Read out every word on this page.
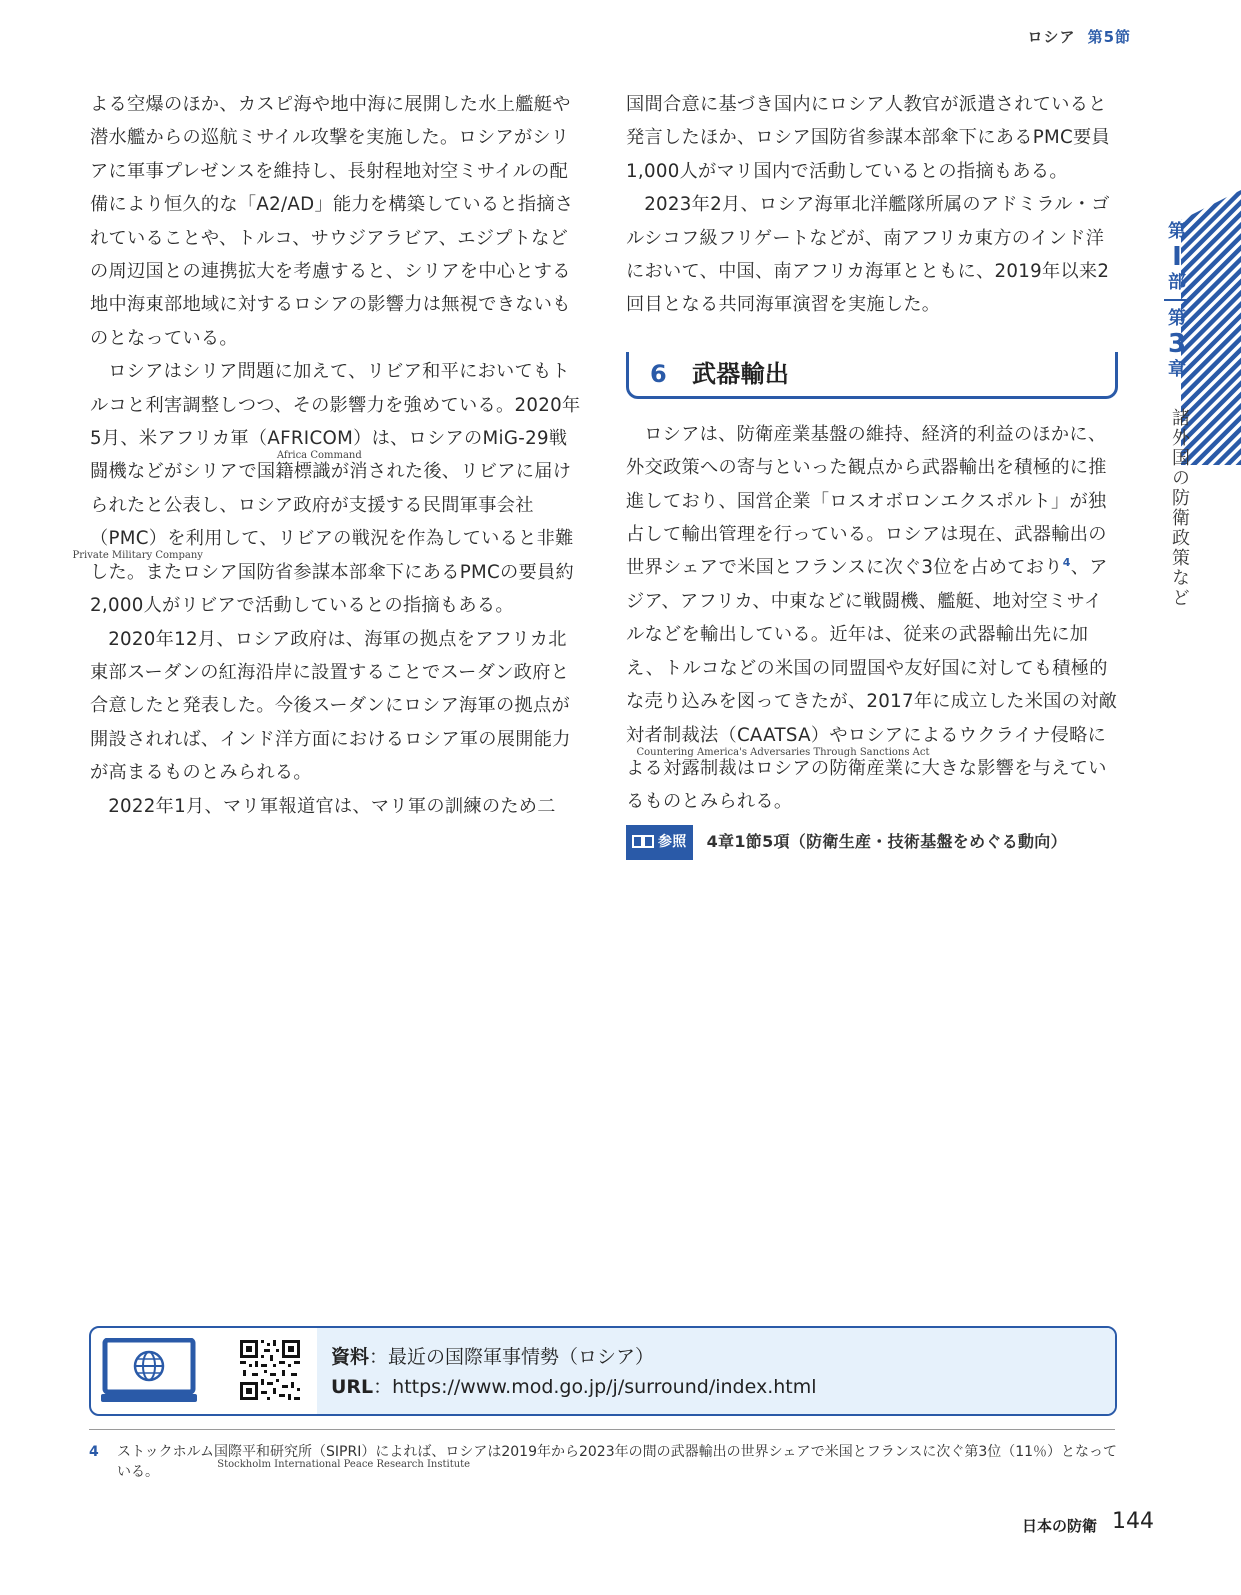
ロシア 第5節

よる空爆のほか、カスピ海や地中海に展開した水上艦艇や潜水艦からの巡航ミサイル攻撃を実施した。ロシアがシリアに軍事プレゼンスを維持し、長射程地対空ミサイルの配備により恒久的な「A2/AD」能力を構築していると指摘されていることや、トルコ、サウジアラビア、エジプトなどの周辺国との連携拡大を考慮すると、シリアを中心とする地中海東部地域に対するロシアの影響力は無視できないものとなっている。

ロシアはシリア問題に加えて、リビア和平においてもトルコと利害調整しつつ、その影響力を強めている。2020年5月、米アフリカ軍（AFRICOM
Africa Command
）は、ロシアのMiG-29戦闘機などがシリアで国籍標識が消された後、リビアに届けられたと公表し、ロシア政府が支援する民間軍事会社（PMC
Private Military Company
）を利用して、リビアの戦況を作為していると非難した。またロシア国防省参謀本部傘下にあるPMCの要員約2,000人がリビアで活動しているとの指摘もある。

2020年12月、ロシア政府は、海軍の拠点をアフリカ北東部スーダンの紅海沿岸に設置することでスーダン政府と合意したと発表した。今後スーダンにロシア海軍の拠点が開設されれば、インド洋方面におけるロシア軍の展開能力が高まるものとみられる。

2022年1月、マリ軍報道官は、マリ軍の訓練のため二

国間合意に基づき国内にロシア人教官が派遣されていると発言したほか、ロシア国防省参謀本部傘下にあるPMC要員1,000人がマリ国内で活動しているとの指摘もある。

2023年2月、ロシア海軍北洋艦隊所属のアドミラル・ゴルシコフ級フリゲートなどが、南アフリカ東方のインド洋において、中国、南アフリカ海軍とともに、2019年以来2回目となる共同海軍演習を実施した。

6 武器輸出

ロシアは、防衛産業基盤の維持、経済的利益のほかに、外交政策への寄与といった観点から武器輸出を積極的に推進しており、国営企業「ロスオボロンエクスポルト」が独占して輸出管理を行っている。ロシアは現在、武器輸出の世界シェアで米国とフランスに次ぐ3位を占めており$^4$、アジア、アフリカ、中東などに戦闘機、艦艇、地対空ミサイルなどを輸出している。近年は、従来の武器輸出先に加え、トルコなどの米国の同盟国や友好国に対しても積極的な売り込みを図ってきたが、2017年に成立した米国の対敵対者制裁法（CAATSA
Countering America's Adversaries Through Sanctions Act
）やロシアによるウクライナ侵略による対露制裁はロシアの防衛産業に大きな影響を与えているものとみられる。

参照 4章1節5項（防衛生産・技術基盤をめぐる動向）
第
Ⅰ
部
第
3
章
諸外国の防衛政策など
資料：最近の国際軍事情勢（ロシア）
URL：https://www.mod.go.jp/j/surround/index.html
4 ストックホルム国際平和研究所（SIPRI
Stockholm International Peace Research Institute
）によれば、ロシアは2019年から2023年の間の武器輸出の世界シェアで米国とフランスに次ぐ第3位（11％）となっている。
日本の防衛 144
